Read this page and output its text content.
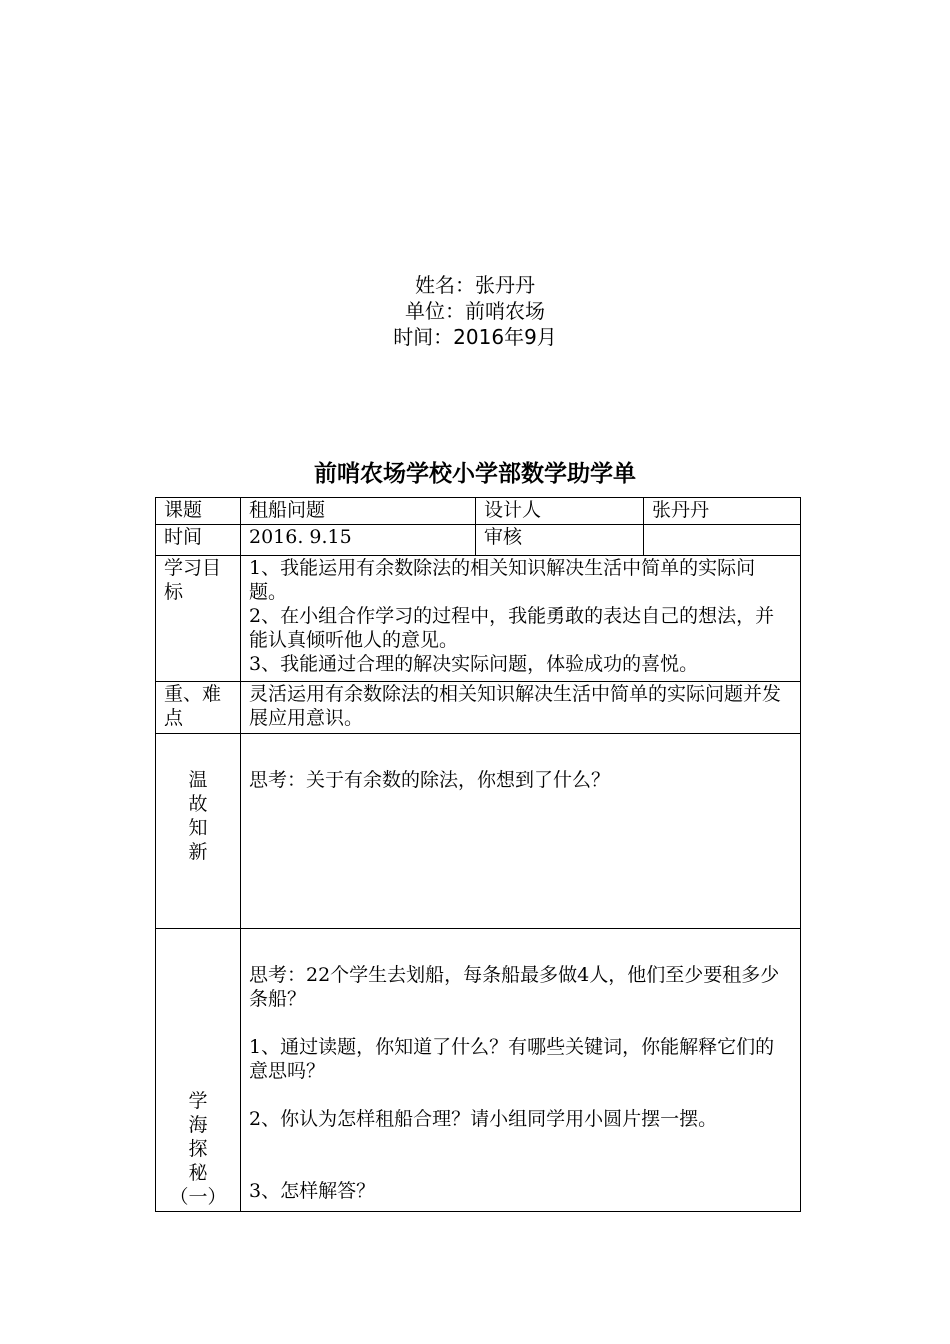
姓名：张丹丹
单位：前哨农场
时间：2016年9月
前哨农场学校小学部数学助学单
课题	租船问题	设计人	张丹丹
时间	2016. 9.15	审核	
学习目标	1、我能运用有余数除法的相关知识解决生活中简单的实际问题。
2、在小组合作学习的过程中，我能勇敢的表达自己的想法，并能认真倾听他人的意见。
3、我能通过合理的解决实际问题，体验成功的喜悦。		

重、难点	灵活运用有余数除法的相关知识解决生活中简单的实际问题并发展应用意识。		

温
故
知
新	思考：关于有余数的除法，你想到了什么？		

学
海
探
秘
（一）	思考：22个学生去划船，每条船最多做4人，他们至少要租多少条船？
1、通过读题，你知道了什么？有哪些关键词，你能解释它们的意思吗？
2、你认为怎样租船合理？请小组同学用小圆片摆一摆。
3、怎样解答？		
